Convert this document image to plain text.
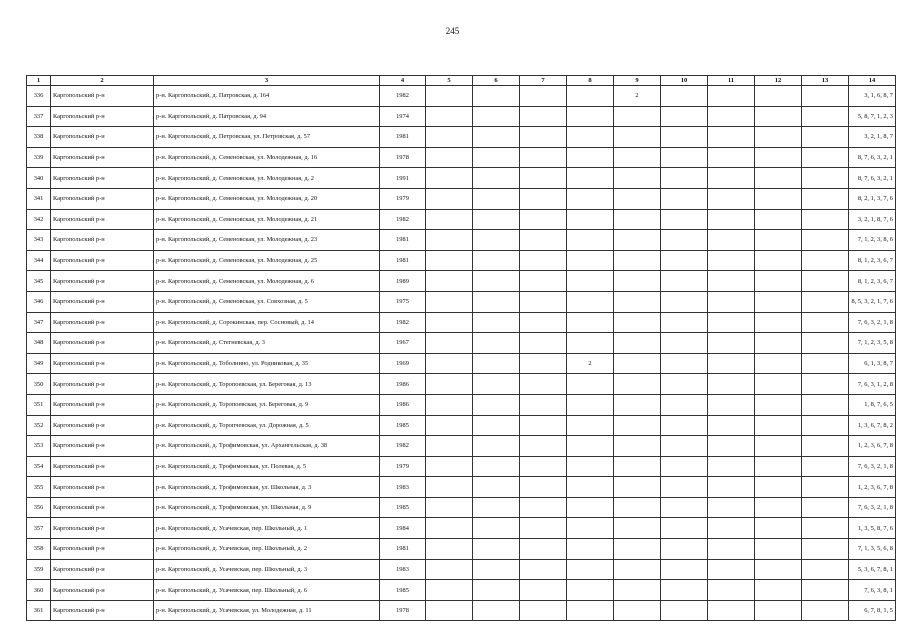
245
1	2	3	4	5	6	7	8	9	10	11	12	13	14
336	Каргопольский р-н	р-н. Каргопольский, д. Патровская, д. 164	1982					2					3, 1, 6, 8, 7
337	Каргопольский р-н	р-н. Каргопольский, д. Патровская, д. 94	1974										5, 8, 7, 1, 2, 3
338	Каргопольский р-н	р-н. Каргопольский, д. Петровская, ул. Петровская, д. 57	1981										3, 2, 1, 8, 7
339	Каргопольский р-н	р-н. Каргопольский, д. Семеновская, ул. Молодежная, д. 16	1978										8, 7, 6, 3, 2, 1
340	Каргопольский р-н	р-н. Каргопольский, д. Семеновская, ул. Молодежная, д. 2	1991										8, 7, 6, 3, 2, 1
341	Каргопольский р-н	р-н. Каргопольский, д. Семеновская, ул. Молодежная, д. 20	1979										8, 2, 1, 3, 7, 6
342	Каргопольский р-н	р-н. Каргопольский, д. Семеновская, ул. Молодежная, д. 21	1982										3, 2, 1, 8, 7, 6
343	Каргопольский р-н	р-н. Каргопольский, д. Семеновская, ул. Молодежная, д. 23	1981										7, 1, 2, 3, 8, 6
344	Каргопольский р-н	р-н. Каргопольский, д. Семеновская, ул. Молодежная, д. 25	1981										8, 1, 2, 3, 6, 7
345	Каргопольский р-н	р-н. Каргопольский, д. Семеновская, ул. Молодежная, д. 6	1989										8, 1, 2, 3, 6, 7
346	Каргопольский р-н	р-н. Каргопольский, д. Семеновская, ул. Совхозная, д. 5	1975										8, 5, 3, 2, 1, 7, 6
347	Каргопольский р-н	р-н. Каргопольский, д. Сорокинская, пер. Сосновый, д. 14	1982										7, 6, 3, 2, 1, 8
348	Каргопольский р-н	р-н. Каргопольский, д. Стегневская, д. 3	1967										7, 1, 2, 3, 5, 8
349	Каргопольский р-н	р-н. Каргопольский, д. Тоболнино, ул. Родниковая, д. 35	1969				2						6, 1, 3, 8, 7
350	Каргопольский р-н	р-н. Каргопольский, д. Торопоевская, ул. Береговая, д. 13	1986										7, 6, 3, 1, 2, 8
351	Каргопольский р-н	р-н. Каргопольский, д. Торопоевская, ул. Береговая, д. 9	1986										1, 8, 7, 6, 5
352	Каргопольский р-н	р-н. Каргопольский, д. Торопчевская, ул. Дорожная, д. 5	1985										1, 3, 6, 7, 8, 2
353	Каргопольский р-н	р-н. Каргопольский, д. Трофимовская, ул. Архангельская, д. 38	1982										1, 2, 3, 6, 7, 8
354	Каргопольский р-н	р-н. Каргопольский, д. Трофимовская, ул. Полевая, д. 5	1979										7, 6, 3, 2, 1, 8
355	Каргопольский р-н	р-н. Каргопольский, д. Трофимовская, ул. Школьная, д. 3	1983										1, 2, 3, 6, 7, 8
356	Каргопольский р-н	р-н. Каргопольский, д. Трофимовская, ул. Школьная, д. 9	1985										7, 6, 3, 2, 1, 8
357	Каргопольский р-н	р-н. Каргопольский, д. Усачевская, пер. Школьный, д. 1	1984										1, 3, 5, 8, 7, 6
358	Каргопольский р-н	р-н. Каргопольский, д. Усачевская, пер. Школьный, д. 2	1981										7, 1, 3, 5, 6, 8
359	Каргопольский р-н	р-н. Каргопольский, д. Усачевская, пер. Школьный, д. 3	1983										5, 3, 6, 7, 8, 1
360	Каргопольский р-н	р-н. Каргопольский, д. Усачевская, пер. Школьный, д. 6	1985										7, 6, 3, 8, 1
361	Каргопольский р-н	р-н. Каргопольский, д. Усачевская, ул. Молодежная, д. 11	1978										6, 7, 8, 1, 5
